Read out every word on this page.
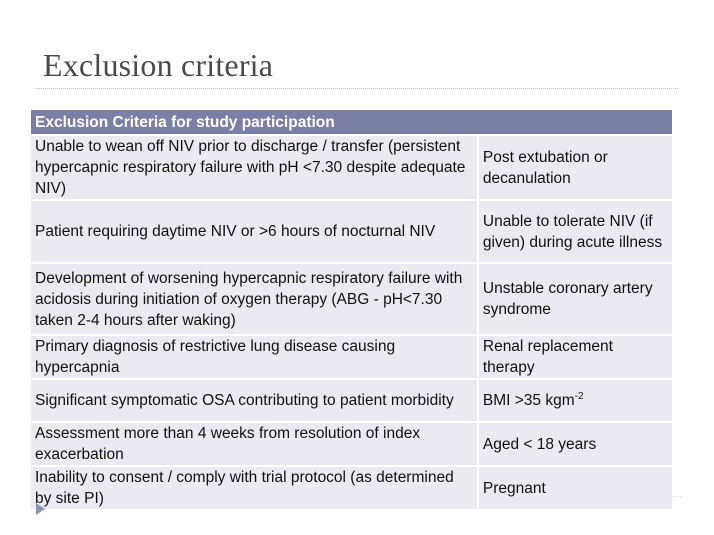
Exclusion criteria
Exclusion Criteria for study participation	
Unable to wean off NIV prior to discharge / transfer (persistent hypercapnic respiratory failure with pH <7.30 despite adequate NIV)	Post extubation or decanulation
Patient requiring daytime NIV or >6 hours of nocturnal NIV	Unable to tolerate NIV (if given) during acute illness
Development of worsening hypercapnic respiratory failure with acidosis during initiation of oxygen therapy (ABG - pH<7.30 taken 2-4 hours after waking)	Unstable coronary artery syndrome
Primary diagnosis of restrictive lung disease causing hypercapnia	Renal replacement therapy
Significant symptomatic OSA contributing to patient morbidity	BMI >35 kgm$^{-2}$
Assessment more than 4 weeks from resolution of index exacerbation	Aged < 18 years
Inability to consent / comply with trial protocol (as determined by site PI)	Pregnant	···
